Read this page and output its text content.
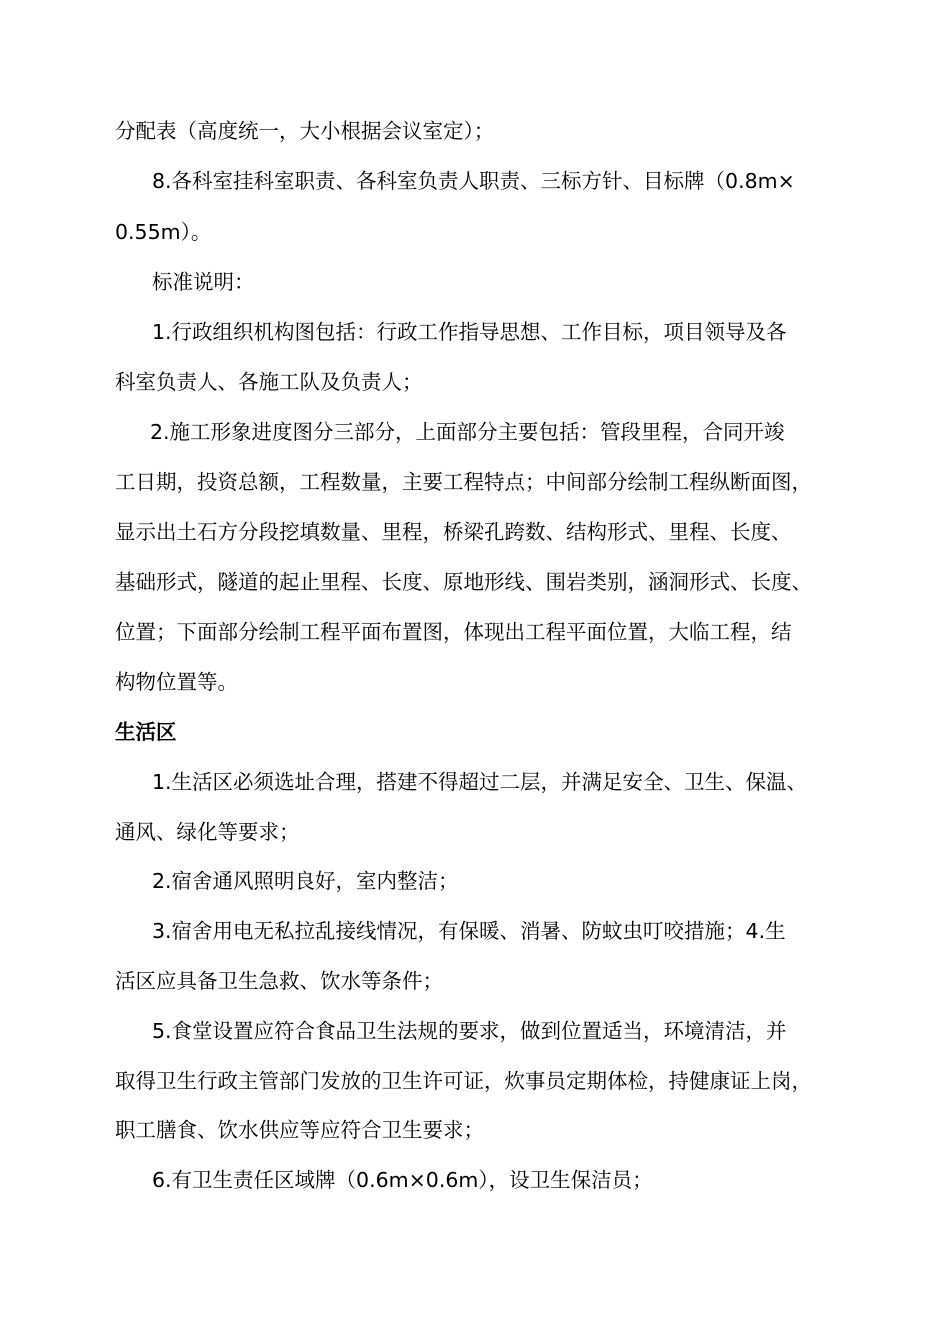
分配表（高度统一，大小根据会议室定）；
8.各科室挂科室职责、各科室负责人职责、三标方针、目标牌（0.8m×
0.55m）。
标准说明：
1.行政组织机构图包括：行政工作指导思想、工作目标，项目领导及各
科室负责人、各施工队及负责人；
2.施工形象进度图分三部分，上面部分主要包括：管段里程，合同开竣
工日期，投资总额，工程数量，主要工程特点；中间部分绘制工程纵断面图，
显示出土石方分段挖填数量、里程，桥梁孔跨数、结构形式、里程、长度、
基础形式，隧道的起止里程、长度、原地形线、围岩类别，涵洞形式、长度、
位置；下面部分绘制工程平面布置图，体现出工程平面位置，大临工程，结
构物位置等。
生活区
1.生活区必须选址合理，搭建不得超过二层，并满足安全、卫生、保温、
通风、绿化等要求；
2.宿舍通风照明良好，室内整洁；
3.宿舍用电无私拉乱接线情况，有保暖、消暑、防蚊虫叮咬措施；4.生
活区应具备卫生急救、饮水等条件；
5.食堂设置应符合食品卫生法规的要求，做到位置适当，环境清洁，并
取得卫生行政主管部门发放的卫生许可证，炊事员定期体检，持健康证上岗，
职工膳食、饮水供应等应符合卫生要求；
6.有卫生责任区域牌（0.6m×0.6m），设卫生保洁员；
